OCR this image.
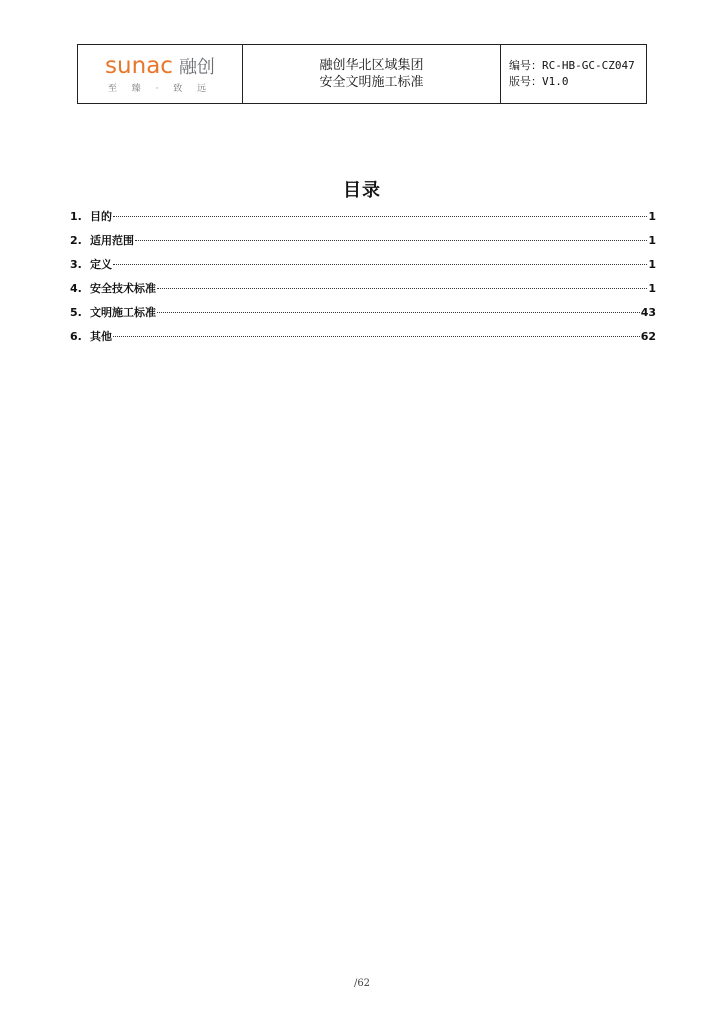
sunac 融创
至 臻 · 致 远
融创华北区域集团
安全文明施工标准
编号：RC-HB-GC-CZ047
版号：V1.0
目录
1. 目的	1
2. 适用范围	1
3. 定义	1
4. 安全技术标准	1
5. 文明施工标准	43
6. 其他	62
/62
